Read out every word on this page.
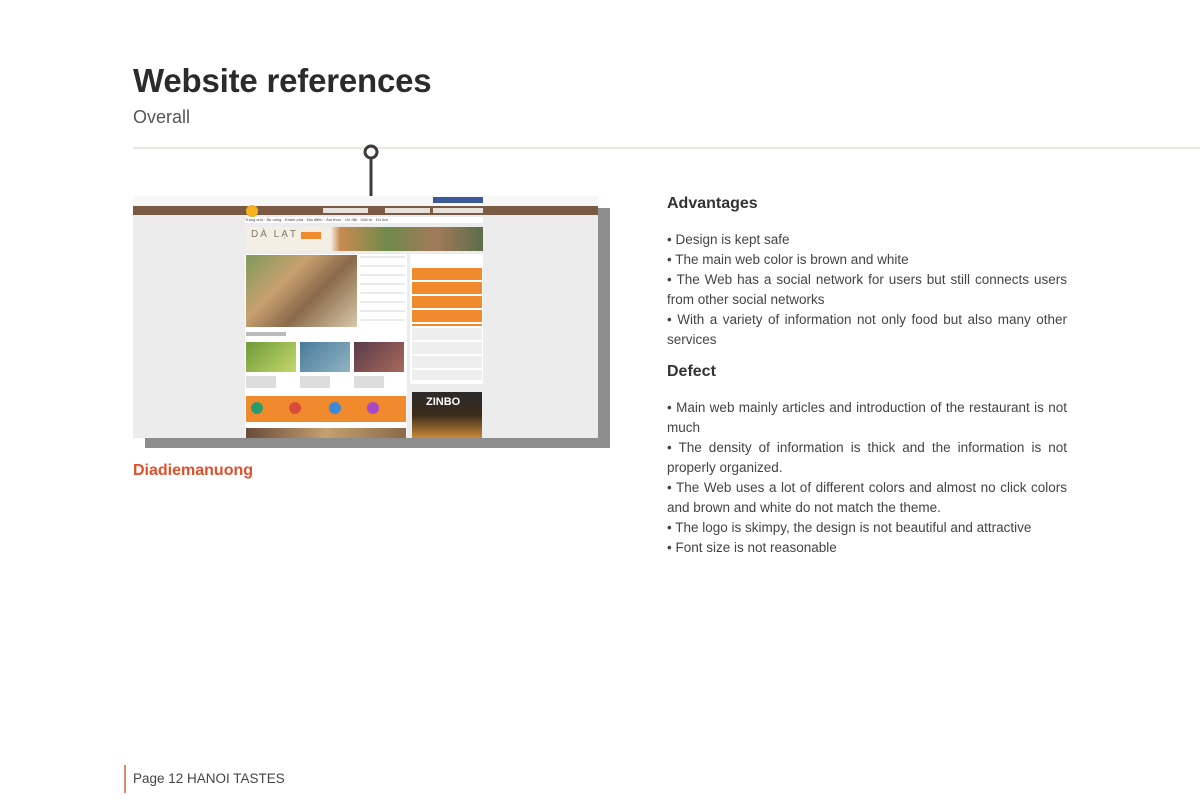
Website references
Overall
Trang chủ · Ăn uống · Khám phá · Địa điểm · Ẩm thực · Ưu đãi · Giải trí · Du lịch
DÀ LẠT
ZINBO
Diadiemanuong
Advantages

• Design is kept safe

• The main web color is brown and white

• The Web has a social network for users but still connects users from other social networks

• With a variety of information not only food but also many other services

Defect

• Main web mainly articles and introduction of the restaurant is not much

• The density of information is thick and the information is not properly organized.

• The Web uses a lot of different colors and almost no click colors and brown and white do not match the theme.

• The logo is skimpy, the design is not beautiful and attractive

• Font size is not reasonable

Page 12 HANOI TASTES
